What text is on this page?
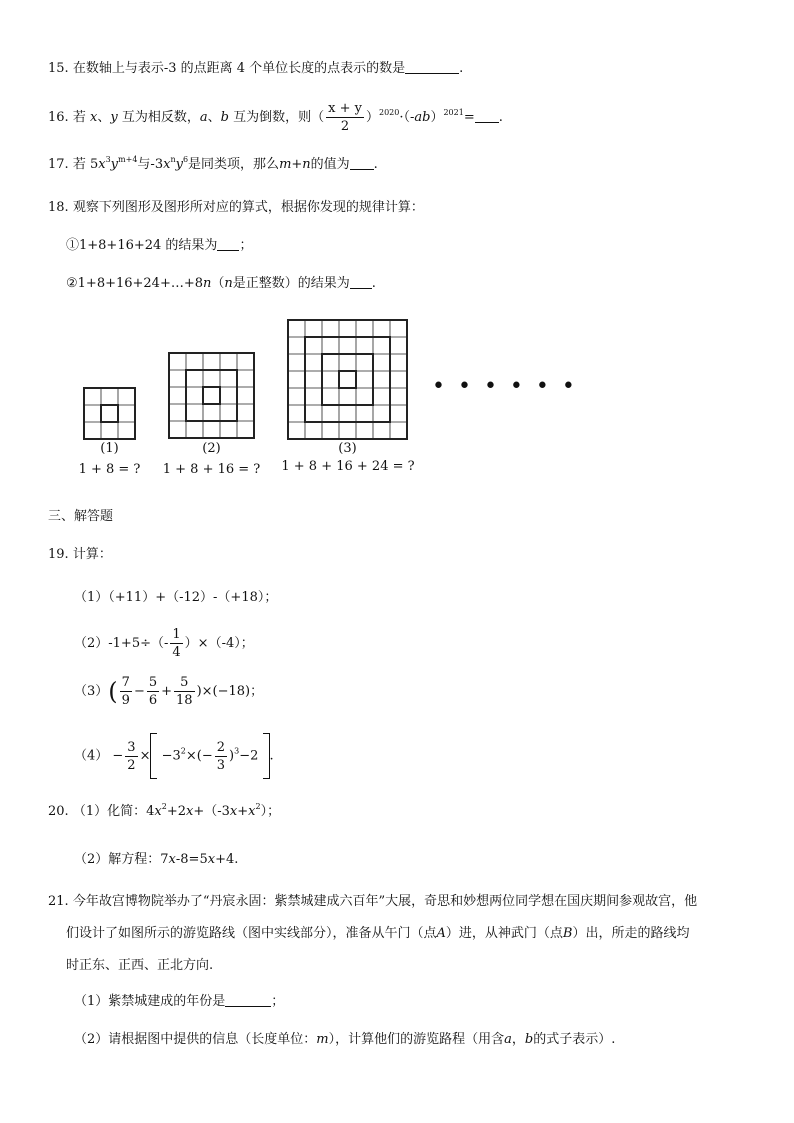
15. 在数轴上与表示-3 的点距离 4 个单位长度的点表示的数是	.
16. 若 x、y 互为相反数，a、b 互为倒数，则（ $\frac{x + y}{2} )^{2020}\cdot(-ab)^{2021}=$ .
17. 若 $5x^3y^{m+4}$与$-3x^ny^6$是同类项，那么m+n的值为 .
18. 观察下列图形及图形所对应的算式，根据你发现的规律计算：
①1+8+16+24 的结果为 ；
②1+8+16+24+…+8n（n是正整数）的结果为 .
• • • • • •
(1)
1 + 8 = ?
(2)
1 + 8 + 16 = ?
(3)
1 + 8 + 16 + 24 = ?
三、解答题
19. 计算：
（1）（+11）+（-12）-（+18）；
$(2)-1+5\div(- \frac{1}{4} )\times(-4)$；
$(3)( \frac{7}{9} - \frac{5}{6} + \frac{5}{18} )\times(-18)$；
$(4) - \frac{3}{2} \times -3^2\times(- \frac{2}{3} )^3-2$ .
20. （1）化简：$4x^2+2x+(-3x+x^2)$；
（2）解方程：7x-8=5x+4.
21. 今年故宫博物院举办了“丹宸永固：紫禁城建成六百年”大展，奇思和妙想两位同学想在国庆期间参观故宫，他
们设计了如图所示的游览路线（图中实线部分），准备从午门（点A）进，从神武门（点B）出，所走的路线均
时正东、正西、正北方向.
（1）紫禁城建成的年份是	；
（2）请根据图中提供的信息（长度单位：m），计算他们的游览路程（用含a，b的式子表示）.
